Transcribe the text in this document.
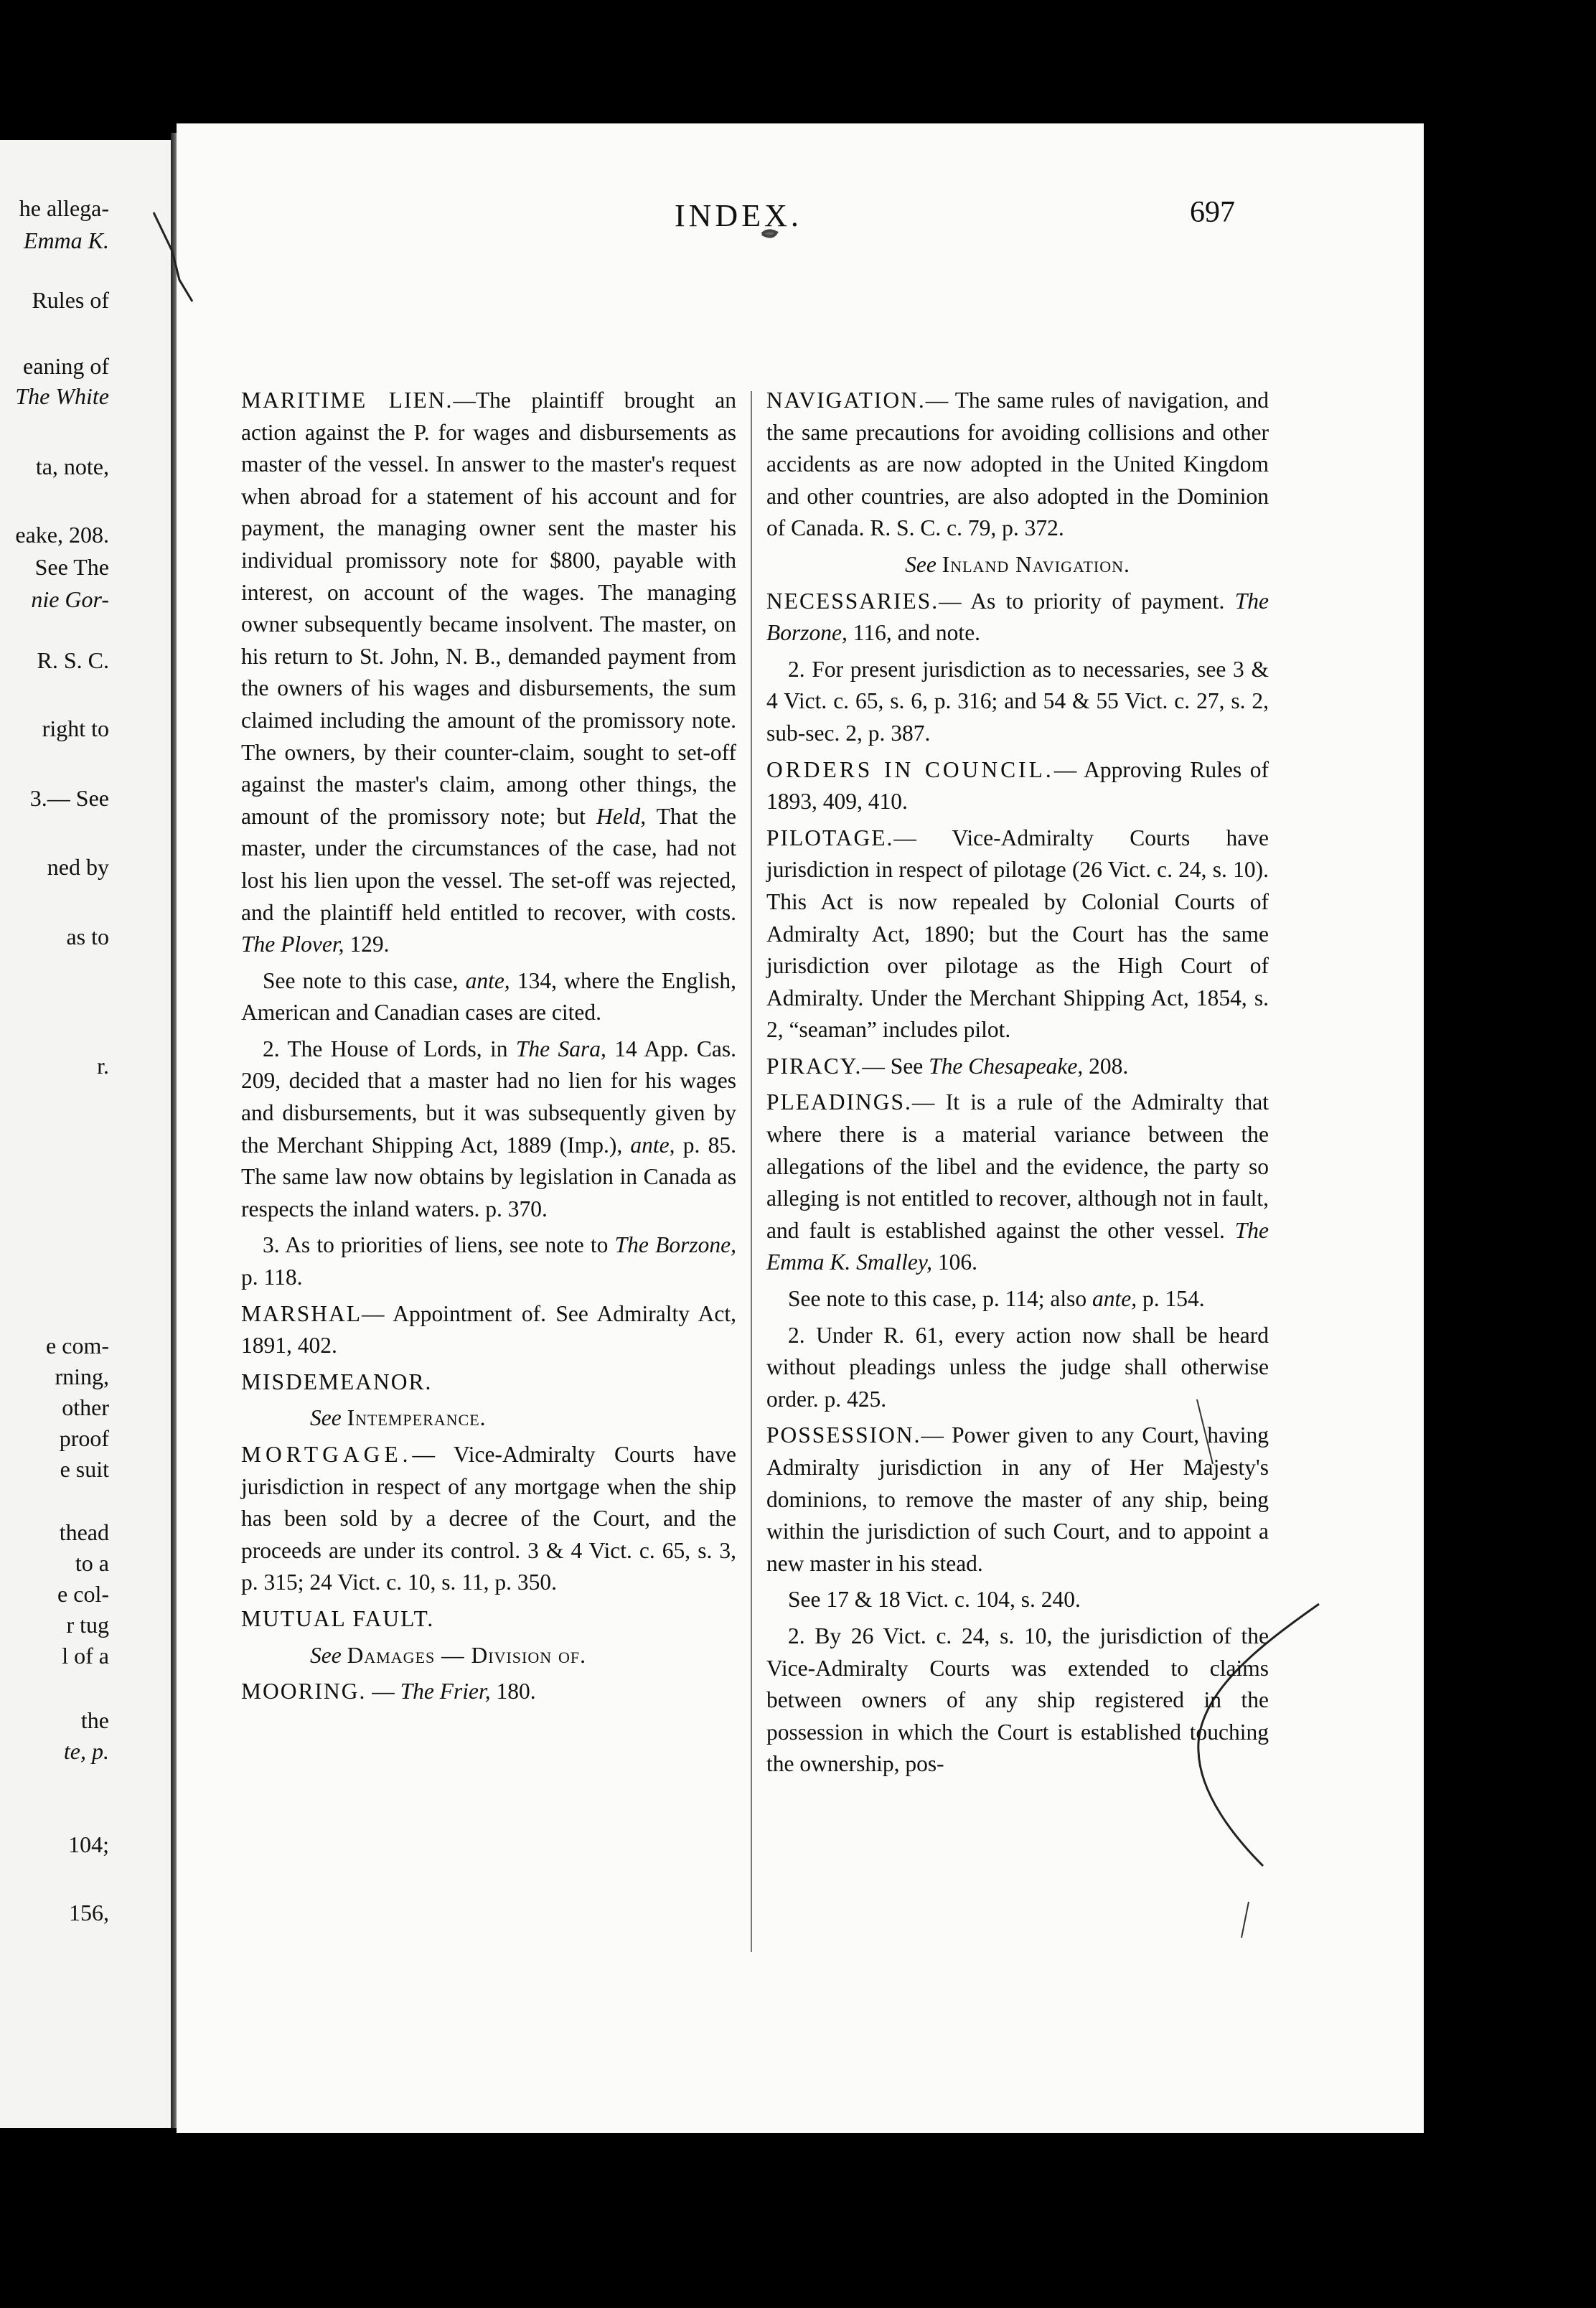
he allega-
Emma K.
Rules of
eaning of
The White
ta, note,
eake, 208.
See The
nie Gor-
R. S. C.
right to
3.— See
ned by
as to
r.
e com-
rning,
other
proof
e suit
thead
to a
e col-
r tug
l of a
the
te, p.
104;
156,
INDEX.	697

MARITIME LIEN.—The plaintiff brought an action against the P. for wages and disbursements as master of the vessel. In answer to the master's request when abroad for a statement of his account and for payment, the managing owner sent the master his individual promissory note for $800, payable with interest, on account of the wages. The managing owner subsequently became insolvent. The master, on his return to St. John, N. B., demanded payment from the owners of his wages and disbursements, the sum claimed including the amount of the promissory note. The owners, by their counter-claim, sought to set-off against the master's claim, among other things, the amount of the promissory note; but Held, That the master, under the circumstances of the case, had not lost his lien upon the vessel. The set-off was rejected, and the plaintiff held entitled to recover, with costs. The Plover, 129.

See note to this case, ante, 134, where the English, American and Canadian cases are cited.

2. The House of Lords, in The Sara, 14 App. Cas. 209, decided that a master had no lien for his wages and disbursements, but it was subsequently given by the Merchant Shipping Act, 1889 (Imp.), ante, p. 85. The same law now obtains by legislation in Canada as respects the inland waters. p. 370.

3. As to priorities of liens, see note to The Borzone, p. 118.

MARSHAL— Appointment of. See Admiralty Act, 1891, 402.

MISDEMEANOR.

See Intemperance.

MORTGAGE.— Vice-Admiralty Courts have jurisdiction in respect of any mortgage when the ship has been sold by a decree of the Court, and the proceeds are under its control. 3 & 4 Vict. c. 65, s. 3, p. 315; 24 Vict. c. 10, s. 11, p. 350.

MUTUAL FAULT.

See Damages — Division of.

MOORING. — The Frier, 180.

NAVIGATION.— The same rules of navigation, and the same precautions for avoiding collisions and other accidents as are now adopted in the United Kingdom and other countries, are also adopted in the Dominion of Canada. R. S. C. c. 79, p. 372.

See Inland Navigation.

NECESSARIES.— As to priority of payment. The Borzone, 116, and note.

2. For present jurisdiction as to necessaries, see 3 & 4 Vict. c. 65, s. 6, p. 316; and 54 & 55 Vict. c. 27, s. 2, sub-sec. 2, p. 387.

ORDERS IN COUNCIL.— Approving Rules of 1893, 409, 410.

PILOTAGE.— Vice-Admiralty Courts have jurisdiction in respect of pilotage (26 Vict. c. 24, s. 10). This Act is now repealed by Colonial Courts of Admiralty Act, 1890; but the Court has the same jurisdiction over pilotage as the High Court of Admiralty. Under the Merchant Shipping Act, 1854, s. 2, “seaman” includes pilot.

PIRACY.— See The Chesapeake, 208.

PLEADINGS.— It is a rule of the Admiralty that where there is a material variance between the allegations of the libel and the evidence, the party so alleging is not entitled to recover, although not in fault, and fault is established against the other vessel. The Emma K. Smalley, 106.

See note to this case, p. 114; also ante, p. 154.

2. Under R. 61, every action now shall be heard without pleadings unless the judge shall otherwise order. p. 425.

POSSESSION.— Power given to any Court, having Admiralty jurisdiction in any of Her Majesty's dominions, to remove the master of any ship, being within the jurisdiction of such Court, and to appoint a new master in his stead.

See 17 & 18 Vict. c. 104, s. 240.

2. By 26 Vict. c. 24, s. 10, the jurisdiction of the Vice-Admiralty Courts was extended to claims between owners of any ship registered in the possession in which the Court is established touching the ownership, pos-
